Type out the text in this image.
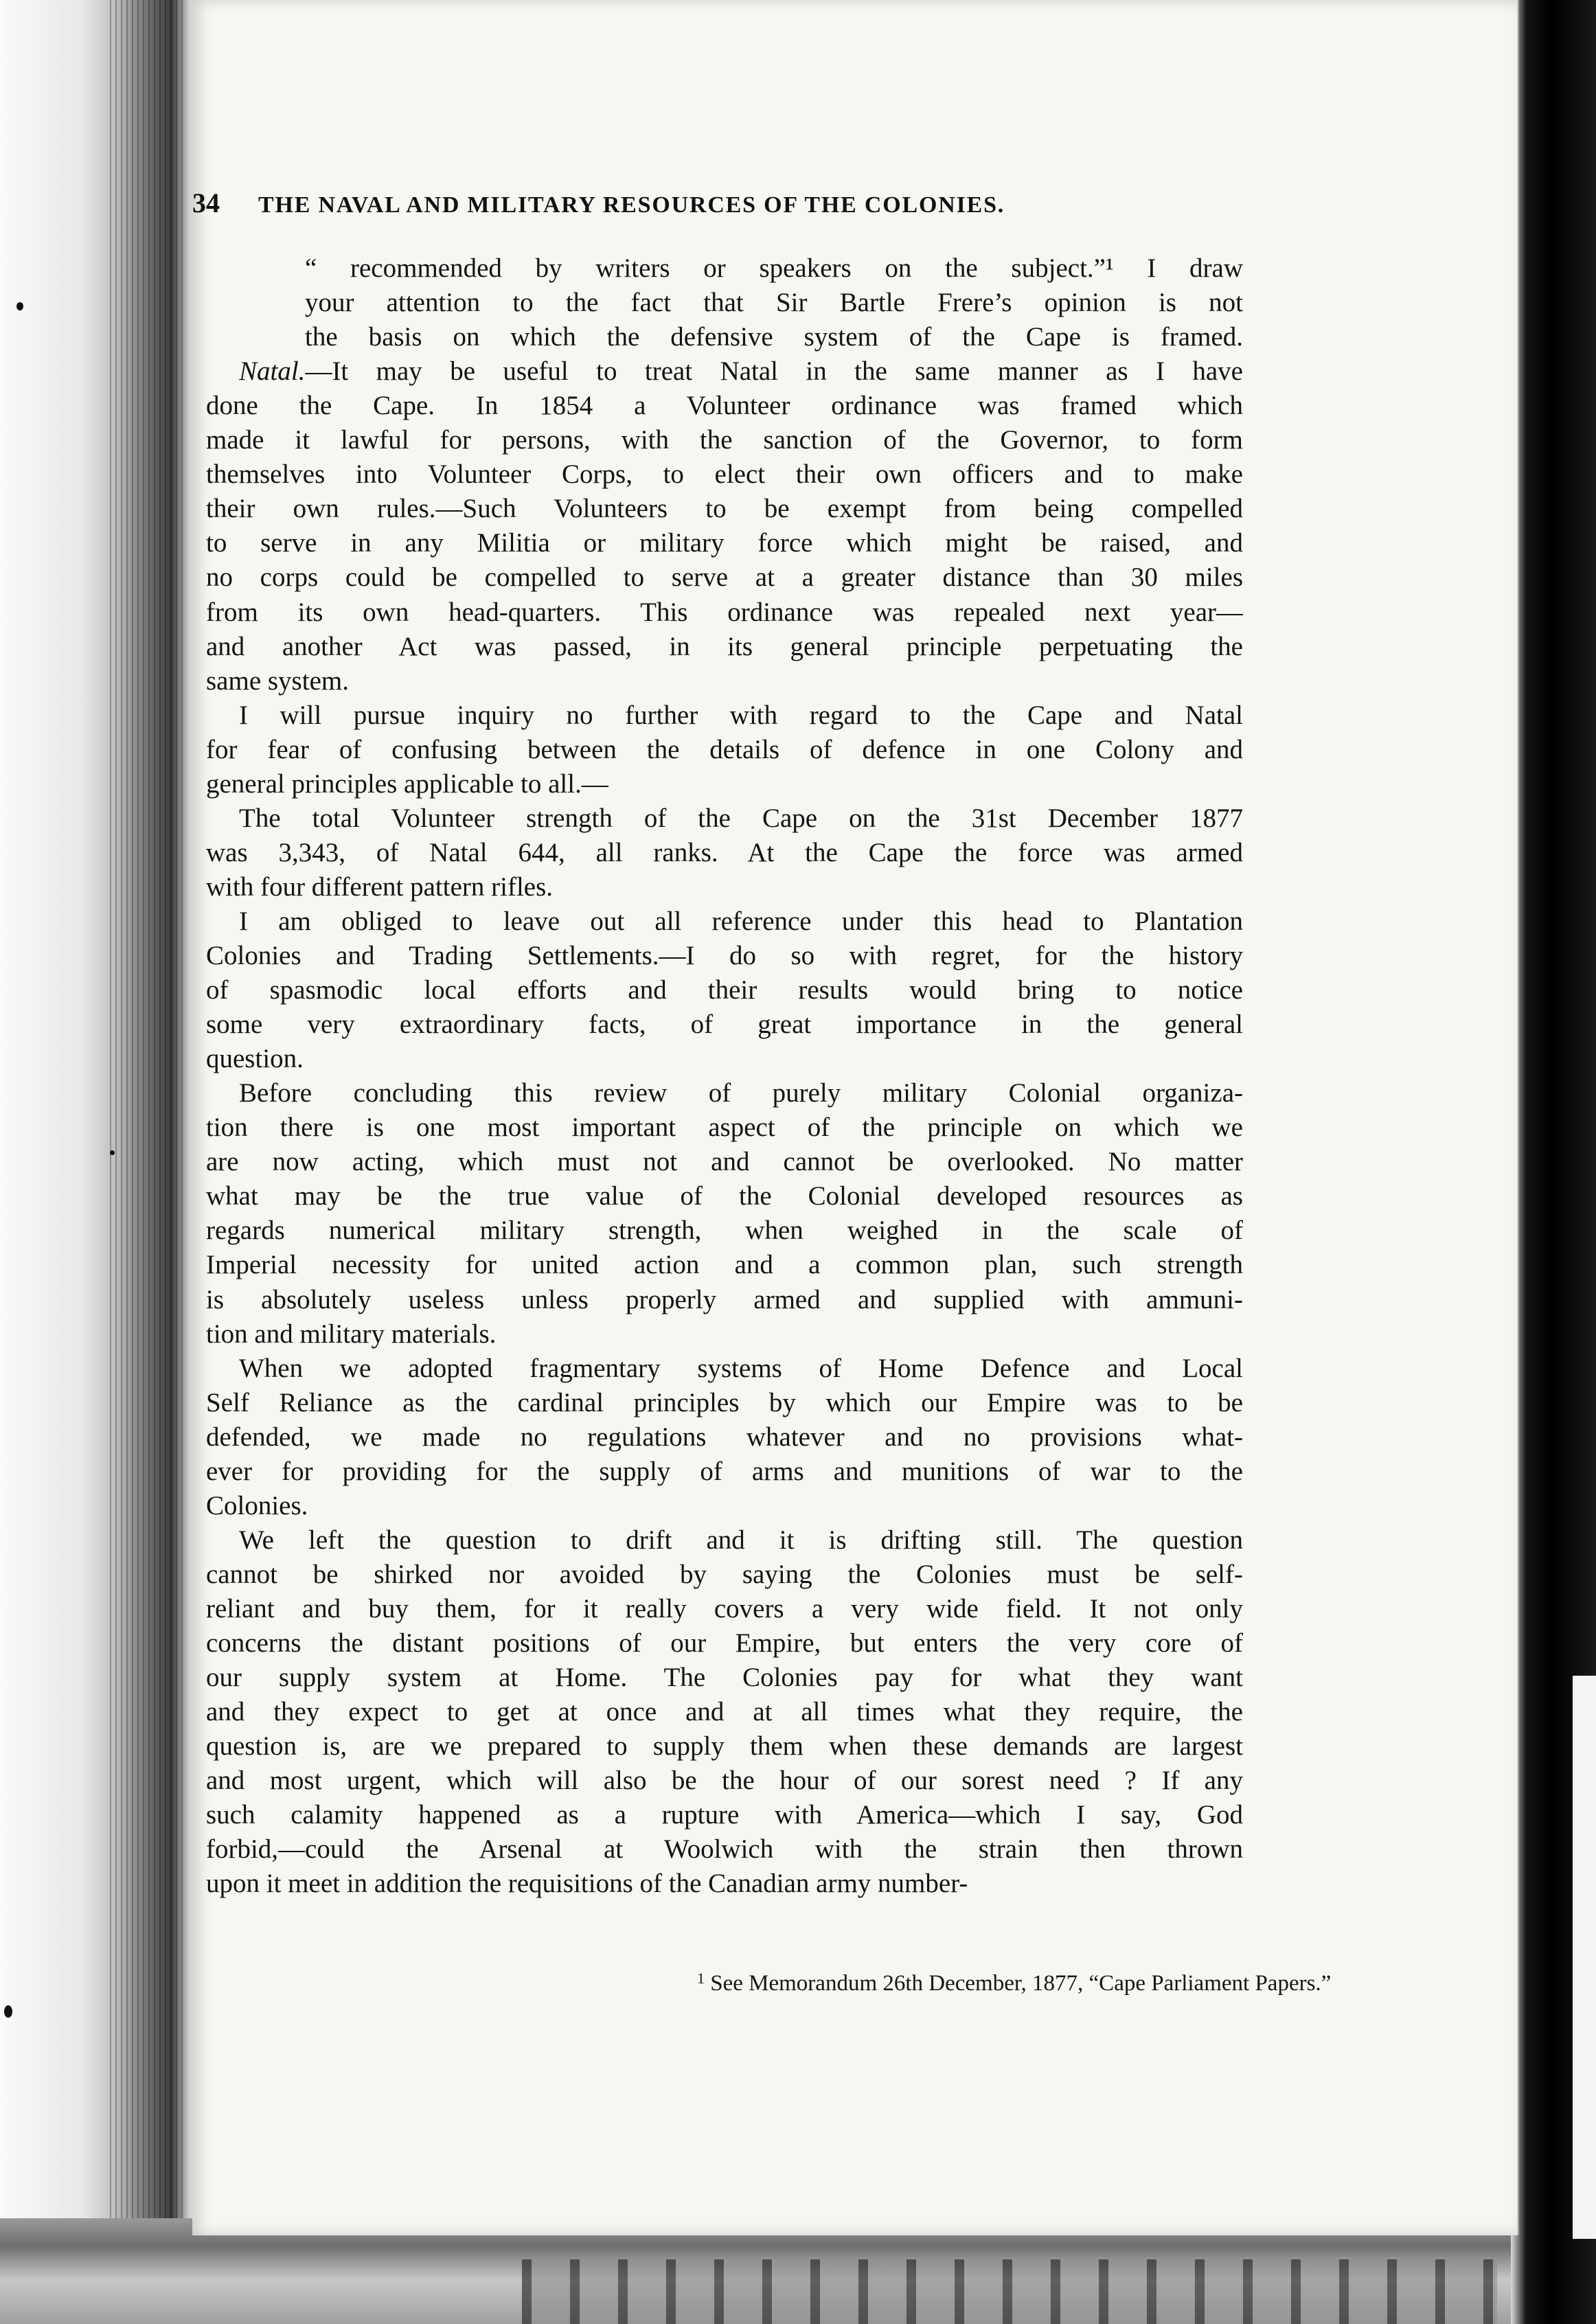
34 THE NAVAL AND MILITARY RESOURCES OF THE COLONIES.
“ recommended by writers or speakers on the subject.”¹ I draw
your attention to the fact that Sir Bartle Frere’s opinion is not
the basis on which the defensive system of the Cape is framed.
Natal.—It may be useful to treat Natal in the same manner as I have
done the Cape. In 1854 a Volunteer ordinance was framed which
made it lawful for persons, with the sanction of the Governor, to form
themselves into Volunteer Corps, to elect their own officers and to make
their own rules.—Such Volunteers to be exempt from being compelled
to serve in any Militia or military force which might be raised, and
no corps could be compelled to serve at a greater distance than 30 miles
from its own head-quarters. This ordinance was repealed next year—
and another Act was passed, in its general principle perpetuating the
same system.
I will pursue inquiry no further with regard to the Cape and Natal
for fear of confusing between the details of defence in one Colony and
general principles applicable to all.—
The total Volunteer strength of the Cape on the 31st December 1877
was 3,343, of Natal 644, all ranks. At the Cape the force was armed
with four different pattern rifles.
I am obliged to leave out all reference under this head to Plantation
Colonies and Trading Settlements.—I do so with regret, for the history
of spasmodic local efforts and their results would bring to notice
some very extraordinary facts, of great importance in the general
question.
Before concluding this review of purely military Colonial organiza-
tion there is one most important aspect of the principle on which we
are now acting, which must not and cannot be overlooked. No matter
what may be the true value of the Colonial developed resources as
regards numerical military strength, when weighed in the scale of
Imperial necessity for united action and a common plan, such strength
is absolutely useless unless properly armed and supplied with ammuni-
tion and military materials.
When we adopted fragmentary systems of Home Defence and Local
Self Reliance as the cardinal principles by which our Empire was to be
defended, we made no regulations whatever and no provisions what-
ever for providing for the supply of arms and munitions of war to the
Colonies.
We left the question to drift and it is drifting still. The question
cannot be shirked nor avoided by saying the Colonies must be self-
reliant and buy them, for it really covers a very wide field. It not only
concerns the distant positions of our Empire, but enters the very core of
our supply system at Home. The Colonies pay for what they want
and they expect to get at once and at all times what they require, the
question is, are we prepared to supply them when these demands are largest
and most urgent, which will also be the hour of our sorest need ? If any
such calamity happened as a rupture with America—which I say, God
forbid,—could the Arsenal at Woolwich with the strain then thrown
upon it meet in addition the requisitions of the Canadian army number-
$^1$ See Memorandum 26th December, 1877, “Cape Parliament Papers.”
